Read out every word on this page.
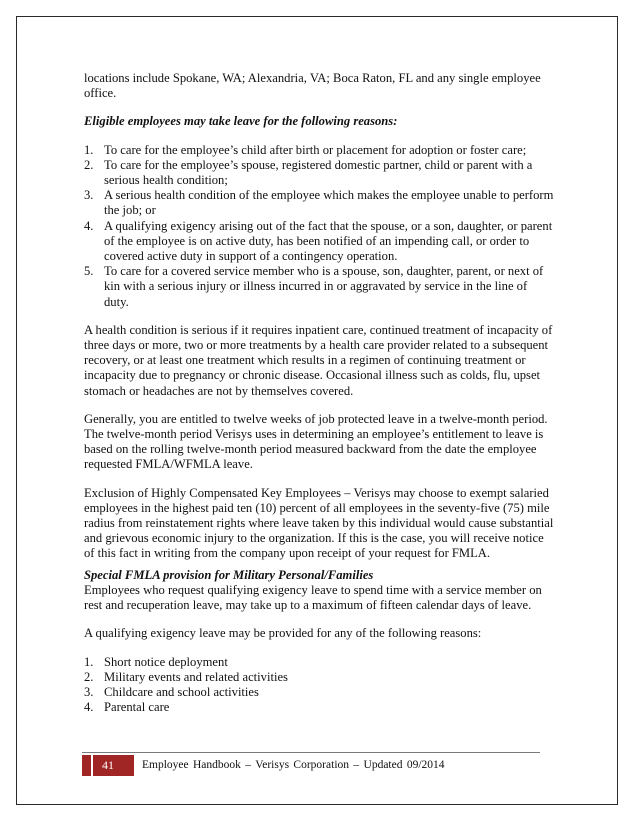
locations include Spokane, WA; Alexandria, VA; Boca Raton, FL and any single employee office.

Eligible employees may take leave for the following reasons:

1. To care for the employee’s child after birth or placement for adoption or foster care;
2. To care for the employee’s spouse, registered domestic partner, child or parent with a serious health condition;
3. A serious health condition of the employee which makes the employee unable to perform the job; or
4. A qualifying exigency arising out of the fact that the spouse, or a son, daughter, or parent of the employee is on active duty, has been notified of an impending call, or order to covered active duty in support of a contingency operation.
5. To care for a covered service member who is a spouse, son, daughter, parent, or next of kin with a serious injury or illness incurred in or aggravated by service in the line of duty.

A health condition is serious if it requires inpatient care, continued treatment of incapacity of three days or more, two or more treatments by a health care provider related to a subsequent recovery, or at least one treatment which results in a regimen of continuing treatment or incapacity due to pregnancy or chronic disease. Occasional illness such as colds, flu, upset stomach or headaches are not by themselves covered.

Generally, you are entitled to twelve weeks of job protected leave in a twelve-month period. The twelve-month period Verisys uses in determining an employee’s entitlement to leave is based on the rolling twelve-month period measured backward from the date the employee requested FMLA/WFMLA leave.

Exclusion of Highly Compensated Key Employees – Verisys may choose to exempt salaried employees in the highest paid ten (10) percent of all employees in the seventy-five (75) mile radius from reinstatement rights where leave taken by this individual would cause substantial and grievous economic injury to the organization. If this is the case, you will receive notice of this fact in writing from the company upon receipt of your request for FMLA.

Special FMLA provision for Military Personal/Families

Employees who request qualifying exigency leave to spend time with a service member on rest and recuperation leave, may take up to a maximum of fifteen calendar days of leave.

A qualifying exigency leave may be provided for any of the following reasons:

1. Short notice deployment
2. Military events and related activities
3. Childcare and school activities
4. Parental care
41	Employee Handbook – Verisys Corporation – Updated 09/2014
